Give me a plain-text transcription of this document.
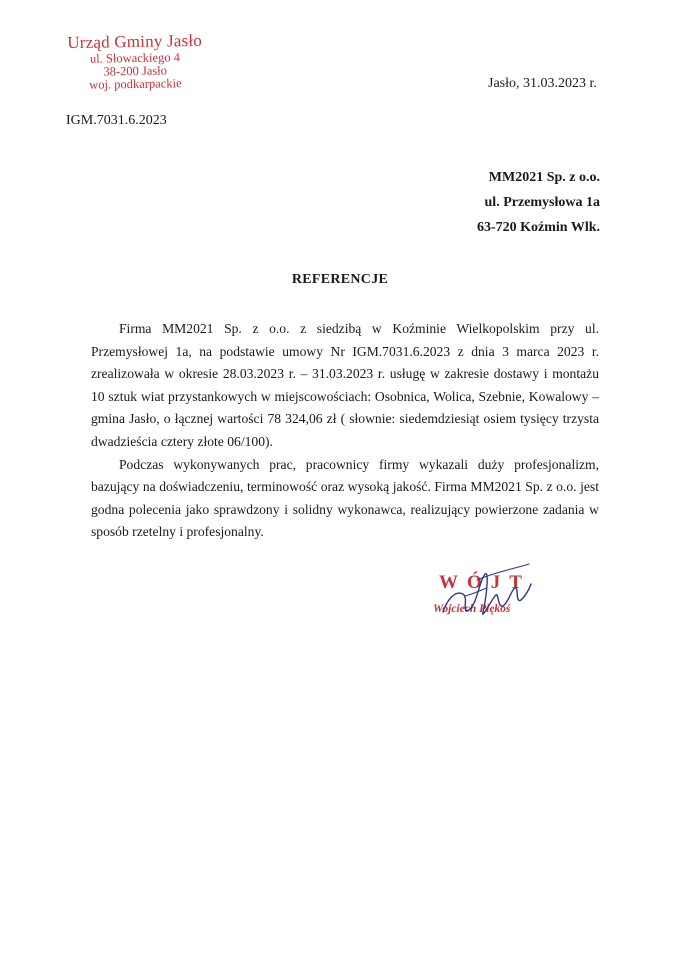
Urząd Gminy Jasło
ul. Słowackiego 4
38-200 Jasło
woj. podkarpackie	Jasło, 31.03.2023 r.
IGM.7031.6.2023
MM2021 Sp. z o.o.
ul. Przemysłowa 1a
63-720 Koźmin Wlk.
REFERENCJE

Firma MM2021 Sp. z o.o. z siedzibą w Koźminie Wielkopolskim przy ul. Przemysłowej 1a, na podstawie umowy Nr IGM.7031.6.2023 z dnia 3 marca 2023 r. zrealizowała w okresie 28.03.2023 r. – 31.03.2023 r. usługę w zakresie dostawy i montażu 10 sztuk wiat przystankowych w miejscowościach: Osobnica, Wolica, Szebnie, Kowalowy – gmina Jasło, o łącznej wartości 78 324,06 zł ( słownie: siedemdziesiąt osiem tysięcy trzysta dwadzieścia cztery złote 06/100).

Podczas wykonywanych prac, pracownicy firmy wykazali duży profesjonalizm, bazujący na doświadczeniu, terminowość oraz wysoką jakość. Firma MM2021 Sp. z o.o. jest godna polecenia jako sprawdzony i solidny wykonawca, realizujący powierzone zadania w sposób rzetelny i profesjonalny.

WÓJT
Wojciech Piękoś
